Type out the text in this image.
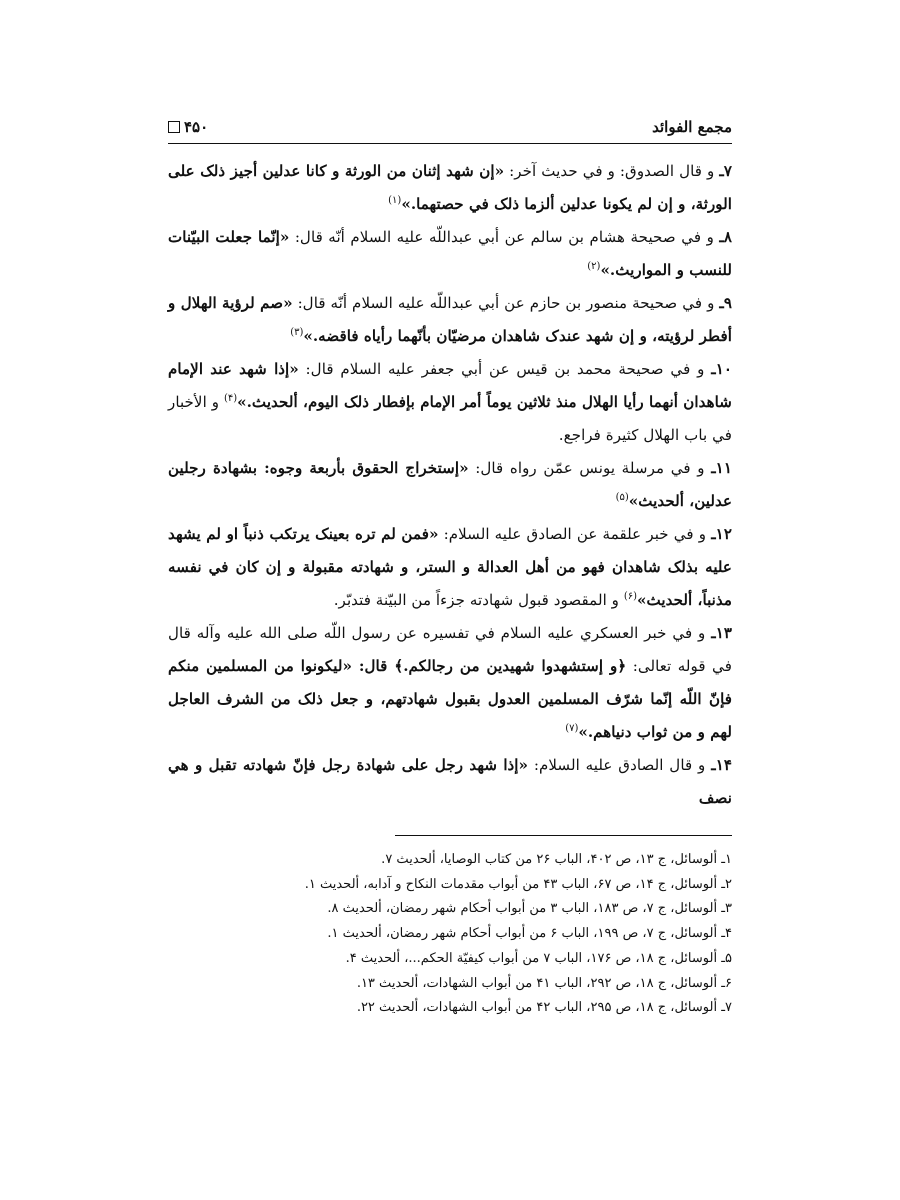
مجمع الفوائد
۴۵۰

۷ـ و قال الصدوق: و في حديث آخر: «إن شهد إثنان من الورثة و كانا عدلين أجيز ذلک على الورثة، و إن لم يكونا عدلين ألزما ذلک في حصتهما.»$^{(۱)}$

۸ـ و في صحيحة هشام بن سالم عن أبي عبداللّه عليه السلام أنّه قال: «إنّما جعلت البيّنات للنسب و المواريث.»$^{(۲)}$

۹ـ و في صحيحة منصور بن حازم عن أبي عبداللّه عليه السلام أنّه قال: «صم لرؤية الهلال و أفطر لرؤيته، و إن شهد عندک شاهدان مرضيّان بأنّهما رأياه فاقضه.»$^{(۳)}$

۱۰ـ و في صحيحة محمد بن قيس عن أبي جعفر عليه السلام قال: «إذا شهد عند الإمام شاهدان أنهما رأيا الهلال منذ ثلاثين يوماً أمر الإمام بإفطار ذلک اليوم، ألحديث.»$^{(۴)}$ و الأخبار في باب الهلال كثيرة فراجع.

۱۱ـ و في مرسلة يونس عمّن رواه قال: «إستخراج الحقوق بأربعة وجوه: بشهادة رجلين عدلين، ألحديث»$^{(۵)}$

۱۲ـ و في خبر علقمة عن الصادق عليه السلام: «فمن لم تره بعينک يرتكب ذنباً او لم يشهد عليه بذلک شاهدان فهو من أهل العدالة و الستر، و شهادته مقبولة و إن كان في نفسه مذنباً، ألحديث»$^{(۶)}$ و المقصود قبول شهادته جزءاً من البيّنة فتدبّر.

۱۳ـ و في خبر العسكري عليه السلام في تفسيره عن رسول اللّه صلى الله عليه وآله قال في قوله تعالى: ﴿و إستشهدوا شهيدين من رجالكم.﴾ قال: «ليكونوا من المسلمين منكم فإنّ اللّه إنّما شرّف المسلمين العدول بقبول شهادتهم، و جعل ذلک من الشرف العاجل لهم و من ثواب دنياهم.»$^{(۷)}$

۱۴ـ و قال الصادق عليه السلام: «إذا شهد رجل على شهادة رجل فإنّ شهادته تقبل و هي نصف

۱ـ ألوسائل، ج ۱۳، ص ۴۰۲، الباب ۲۶ من كتاب الوصايا، ألحديث ۷.

۲ـ ألوسائل، ج ۱۴، ص ۶۷، الباب ۴۳ من أبواب مقدمات النكاح و آدابه، ألحديث ۱.

۳ـ ألوسائل، ج ۷، ص ۱۸۳، الباب ۳ من أبواب أحكام شهر رمضان، ألحديث ۸.

۴ـ ألوسائل، ج ۷، ص ۱۹۹، الباب ۶ من أبواب أحكام شهر رمضان، ألحديث ۱.

۵ـ ألوسائل، ج ۱۸، ص ۱۷۶، الباب ۷ من أبواب كيفيّة الحكم...، ألحديث ۴.

۶ـ ألوسائل، ج ۱۸، ص ۲۹۲، الباب ۴۱ من أبواب الشهادات، ألحديث ۱۳.

۷ـ ألوسائل، ج ۱۸، ص ۲۹۵، الباب ۴۲ من أبواب الشهادات، ألحديث ۲۲.
